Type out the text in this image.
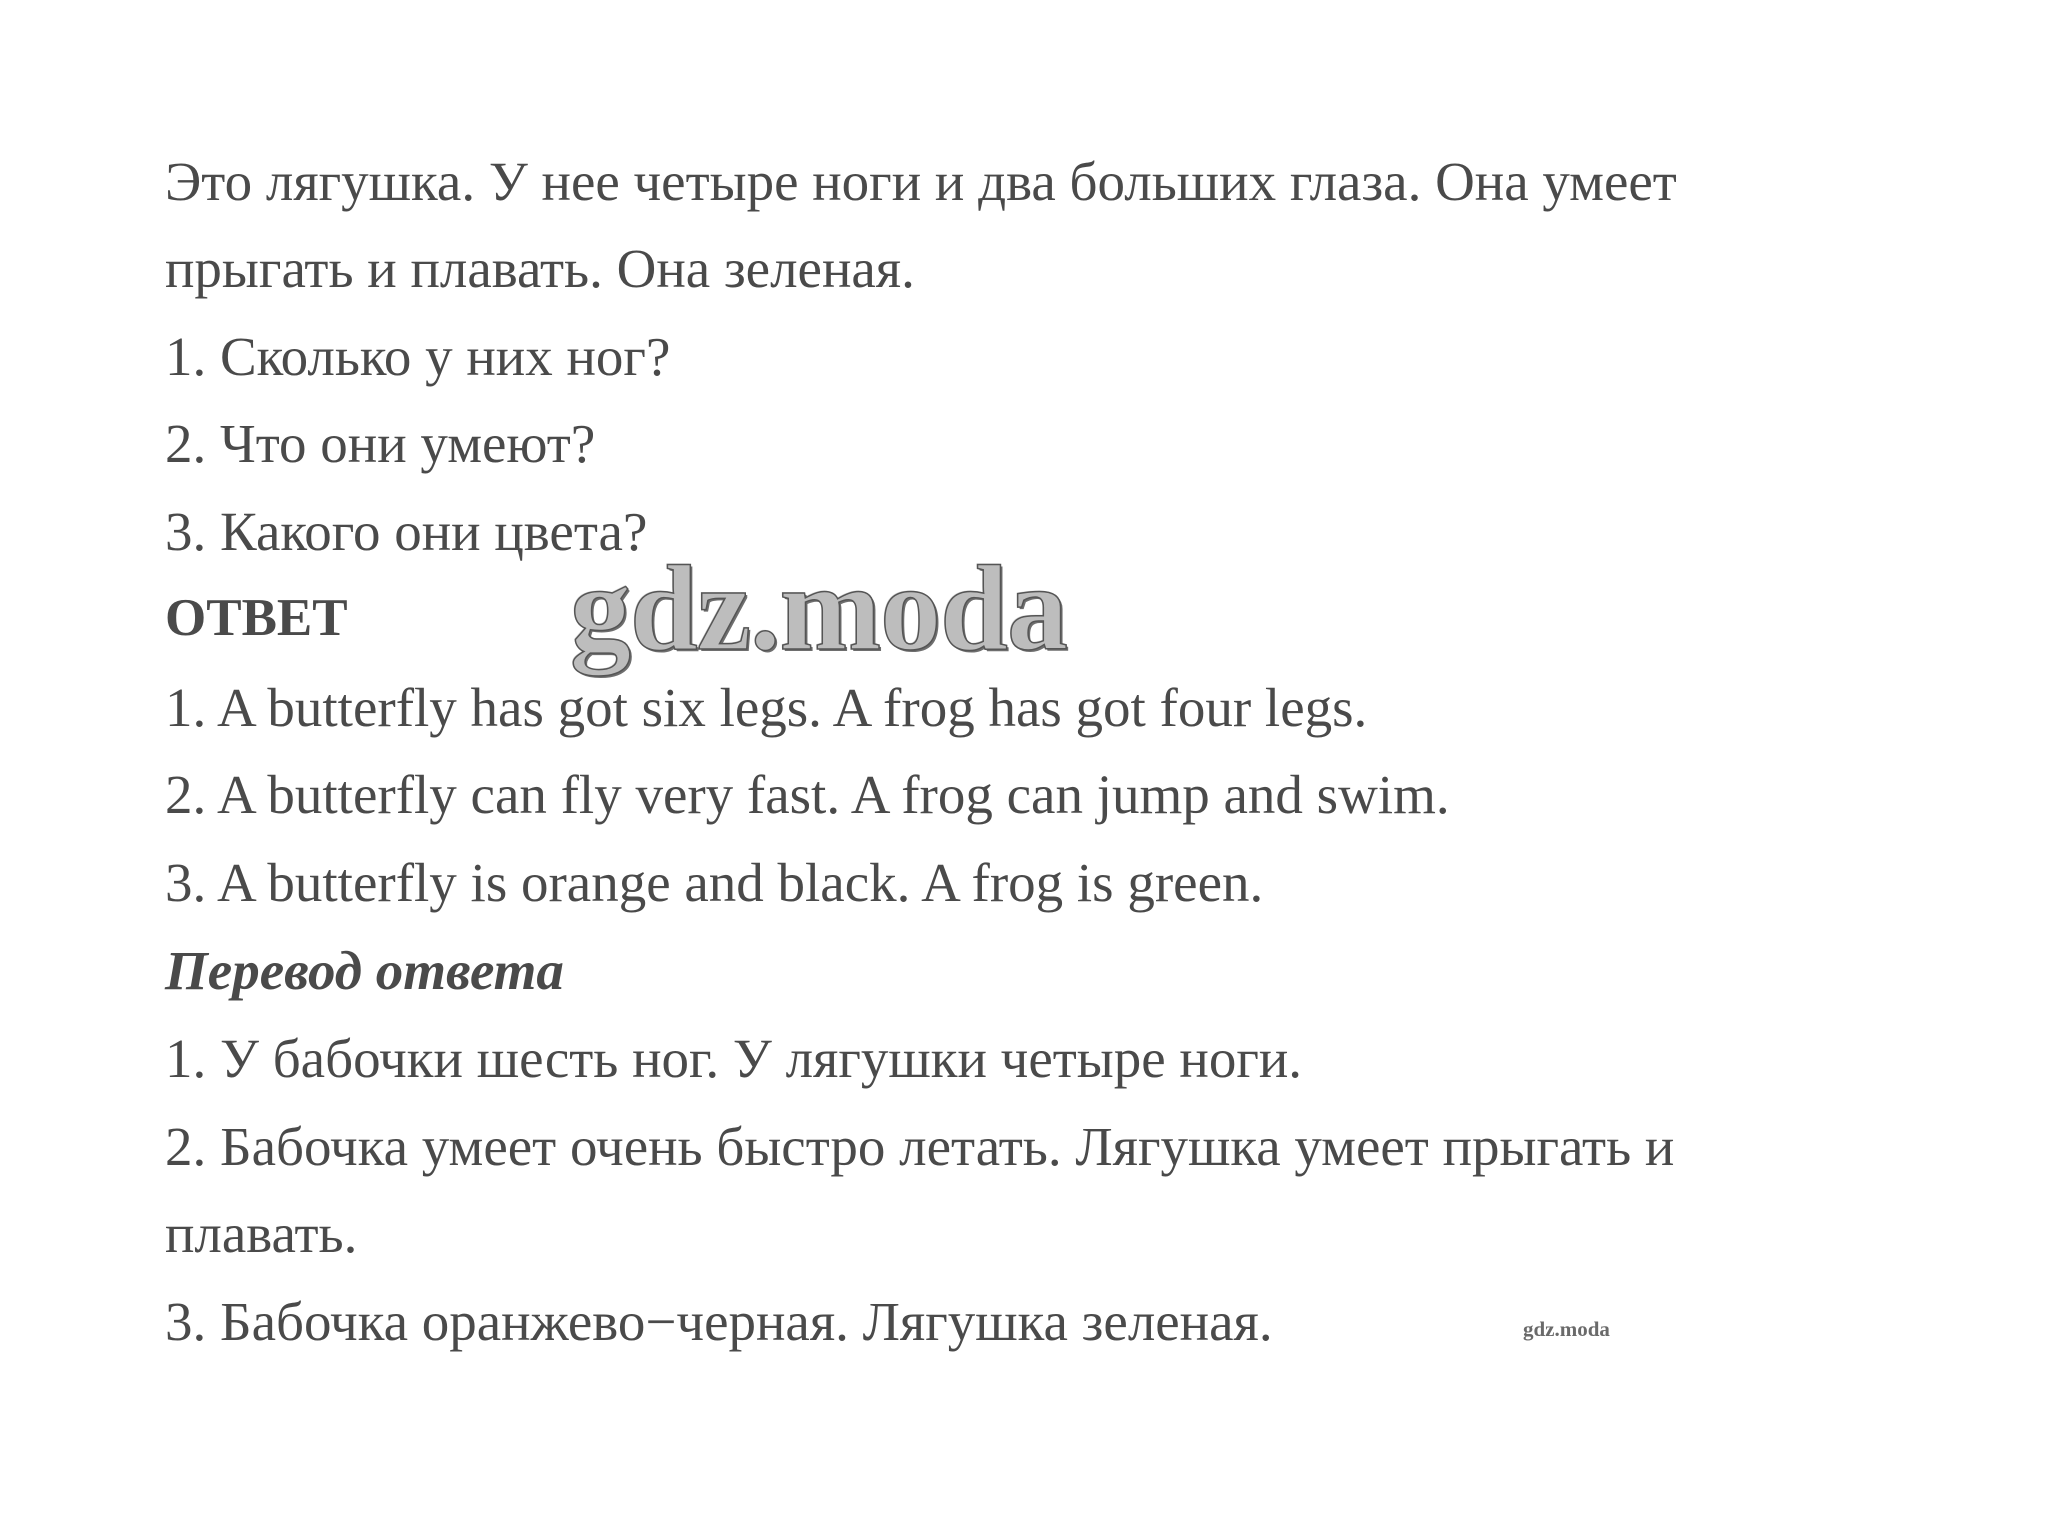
Это лягушка. У нее четыре ноги и два больших глаза. Она умеет

прыгать и плавать. Она зеленая.

1. Сколько у них ног?

2. Что они умеют?

3. Какого они цвета?

ОТВЕТ

1. A butterfly has got six legs. A frog has got four legs.

2. A butterfly can fly very fast. A frog can jump and swim.

3. A butterfly is orange and black. A frog is green.

Перевод ответа

1. У бабочки шесть ног. У лягушки четыре ноги.

2. Бабочка умеет очень быстро летать. Лягушка умеет прыгать и

плавать.

3. Бабочка оранжево−черная. Лягушка зеленая.

gdz.moda
gdz.moda
